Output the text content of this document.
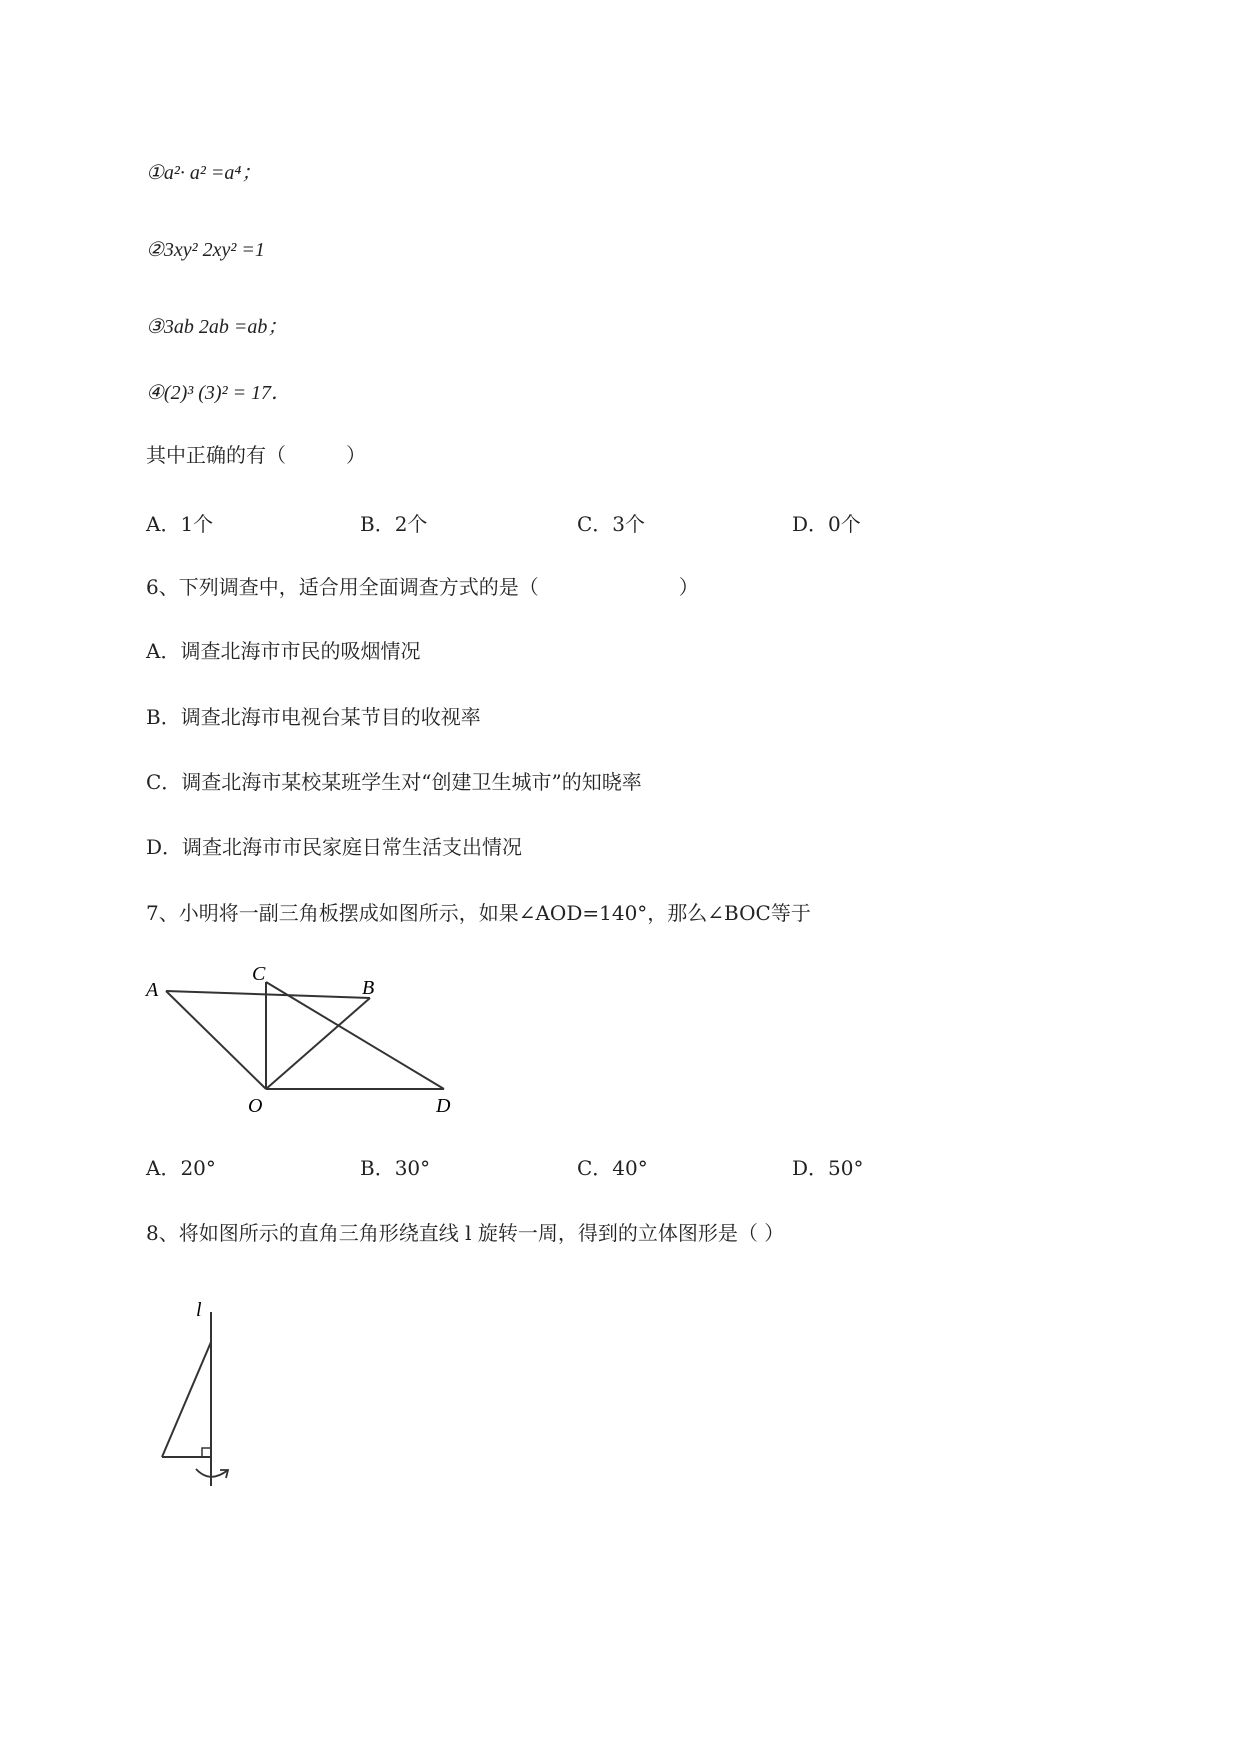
①a²· a² =a⁴；
②3xy² 2xy² =1
③3ab 2ab =ab；
④(2)³ (3)² = 17．
其中正确的有（　　　）
A．1个	B．2个	C．3个	D．0个
6、下列调查中，适合用全面调查方式的是（　　　　　　　）
A．调查北海市市民的吸烟情况
B．调查北海市电视台某节目的收视率
C．调查北海市某校某班学生对“创建卫生城市”的知晓率
D．调查北海市市民家庭日常生活支出情况
7、小明将一副三角板摆成如图所示，如果∠AOD=140°，那么∠BOC等于
A
C
B
O	D
A．20°	B．30°	C．40°	D．50°
8、将如图所示的直角三角形绕直线 l 旋转一周，得到的立体图形是（ ）
l
